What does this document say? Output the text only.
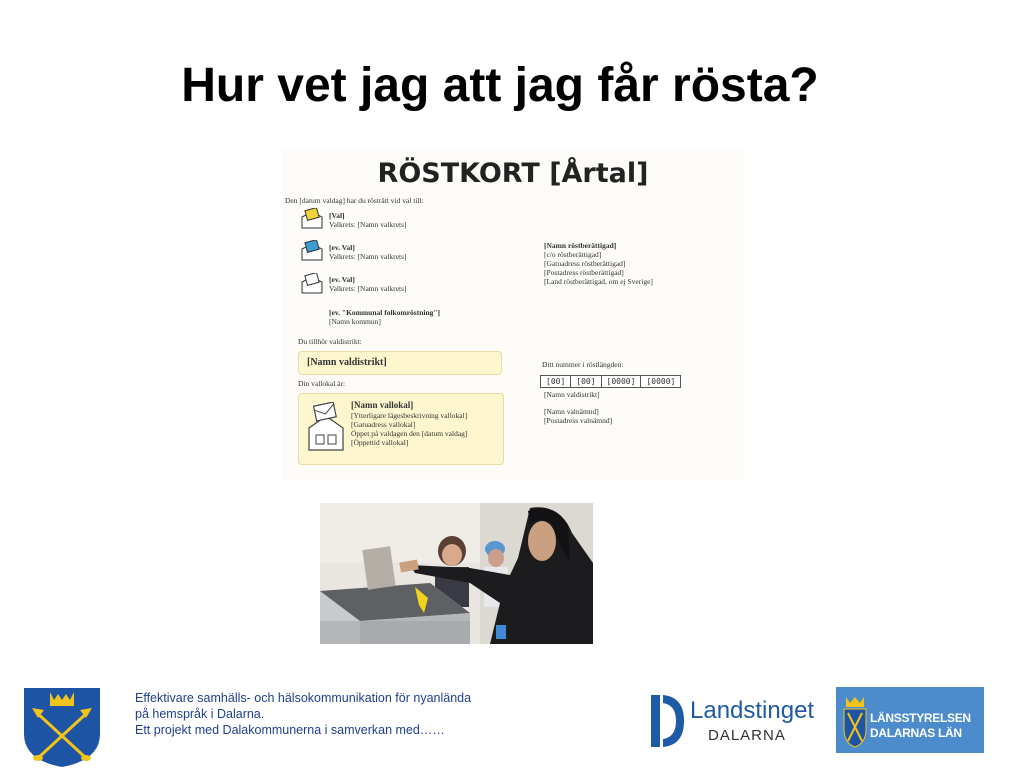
Hur vet jag att jag får rösta?
RÖSTKORT [Årtal]
Den [datum valdag] har du rösträtt vid val till:
[Val]
Valkrets: [Namn valkrets]
[ev. Val]
Valkrets: [Namn valkrets]
[ev. Val]
Valkrets: [Namn valkrets]
[ev. "Kommunal folkomröstning"]
[Namn kommun]
[Namn röstberättigad]
[c/o röstberättigad]
[Gatuadress röstberättigad]
[Postadress röstberättigad]
[Land röstberättigad, om ej Sverige]
Du tillhör valdistrikt:
[Namn valdistrikt]
Din vallokal är:
[Namn vallokal]
[Ytterligare lägesbeskrivning vallokal]
[Gatuadress vallokal]
Öppet på valdagen den [datum valdag]
[Öppettid vallokal]
Ditt nummer i röstlängden:
[00] [00] [0000] [0000]
[Namn valdistrikt]
[Namn valnämnd]
[Postadress valnämnd]
Effektivare samhälls- och hälsokommunikation för nyanlända
på hemspråk i Dalarna.
Ett projekt med Dalakommunerna i samverkan med……
Landstinget
DALARNA
LÄNSSTYRELSEN
DALARNAS LÄN
